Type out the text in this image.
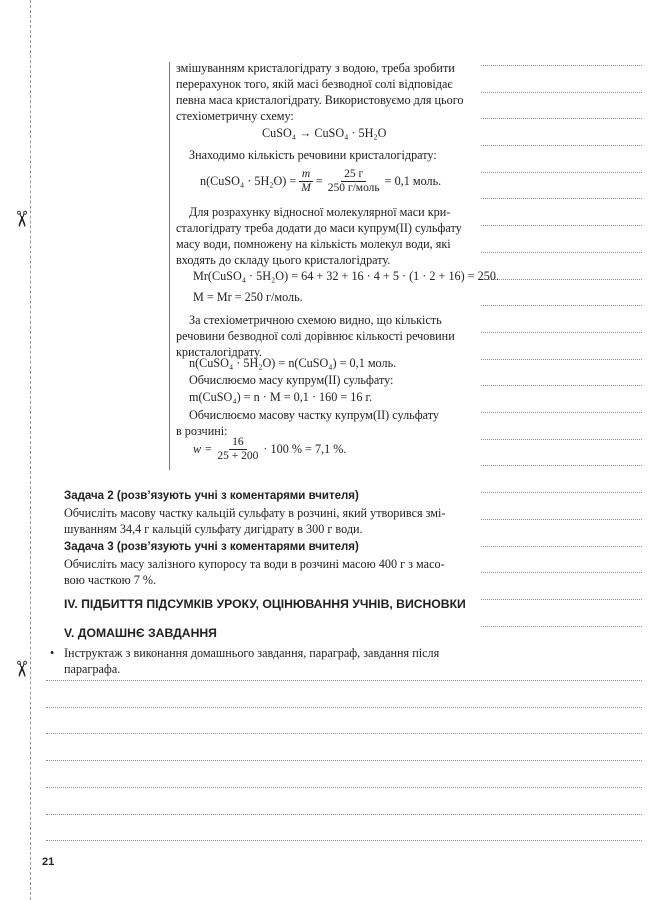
✂
✂
змішуванням кристалогідрату з водою, треба зробити
перерахунок того, якій масі безводної солі відповідає
певна маса кристалогідрату. Використовуємо для цього
стехіометричну схему:
CuSO₄ → CuSO₄ · 5H₂O
Знаходимо кількість речовини кристалогідрату:
n(CuSO₄ · $5H_2O) = \frac{m}{M} = \frac{25 г}{\text{250 г/моль}} = 0,1$ моль.
Для розрахунку відносної молекулярної маси кри-
сталогідрату треба додати до маси купрум(ІІ) сульфату
масу води, помножену на кількість молекул води, які
входять до складу цього кристалогідрату.
Mr(CuSO₄ · 5H₂O) = 64 + 32 + 16 · 4 + 5 · (1 · 2 + 16) = 250.
M = Mr = 250 г/моль.
За стехіометричною схемою видно, що кількість
речовини безводної солі дорівнює кількості речовини
кристалогідрату.
n(CuSO₄ · 5H₂O) = n(CuSO₄) = 0,1 моль.
Обчислюємо масу купрум(ІІ) сульфату:
m(CuSO₄) = n · M = 0,1 · 160 = 16 г.
Обчислюємо масову частку купрум(ІІ) сульфату
в розчині:
$w = \frac{16}{25 + 200} \cdot 100$ % = 7,1 %.
Задача 2 (розв’язують учні з коментарями вчителя)
Обчисліть масову частку кальцій сульфату в розчині, який утворився змі-
шуванням 34,4 г кальцій сульфату дигідрату в 300 г води.
Задача 3 (розв’язують учні з коментарями вчителя)
Обчисліть масу залізного купоросу та води в розчині масою 400 г з масо-
вою часткою 7 %.
IV. ПІДБИТТЯ ПІДСУМКІВ УРОКУ, ОЦІНЮВАННЯ УЧНІВ, ВИСНОВКИ
V. ДОМАШНЄ ЗАВДАННЯ
• Інструктаж з виконання домашнього завдання, параграф, завдання після
параграфа.
21
